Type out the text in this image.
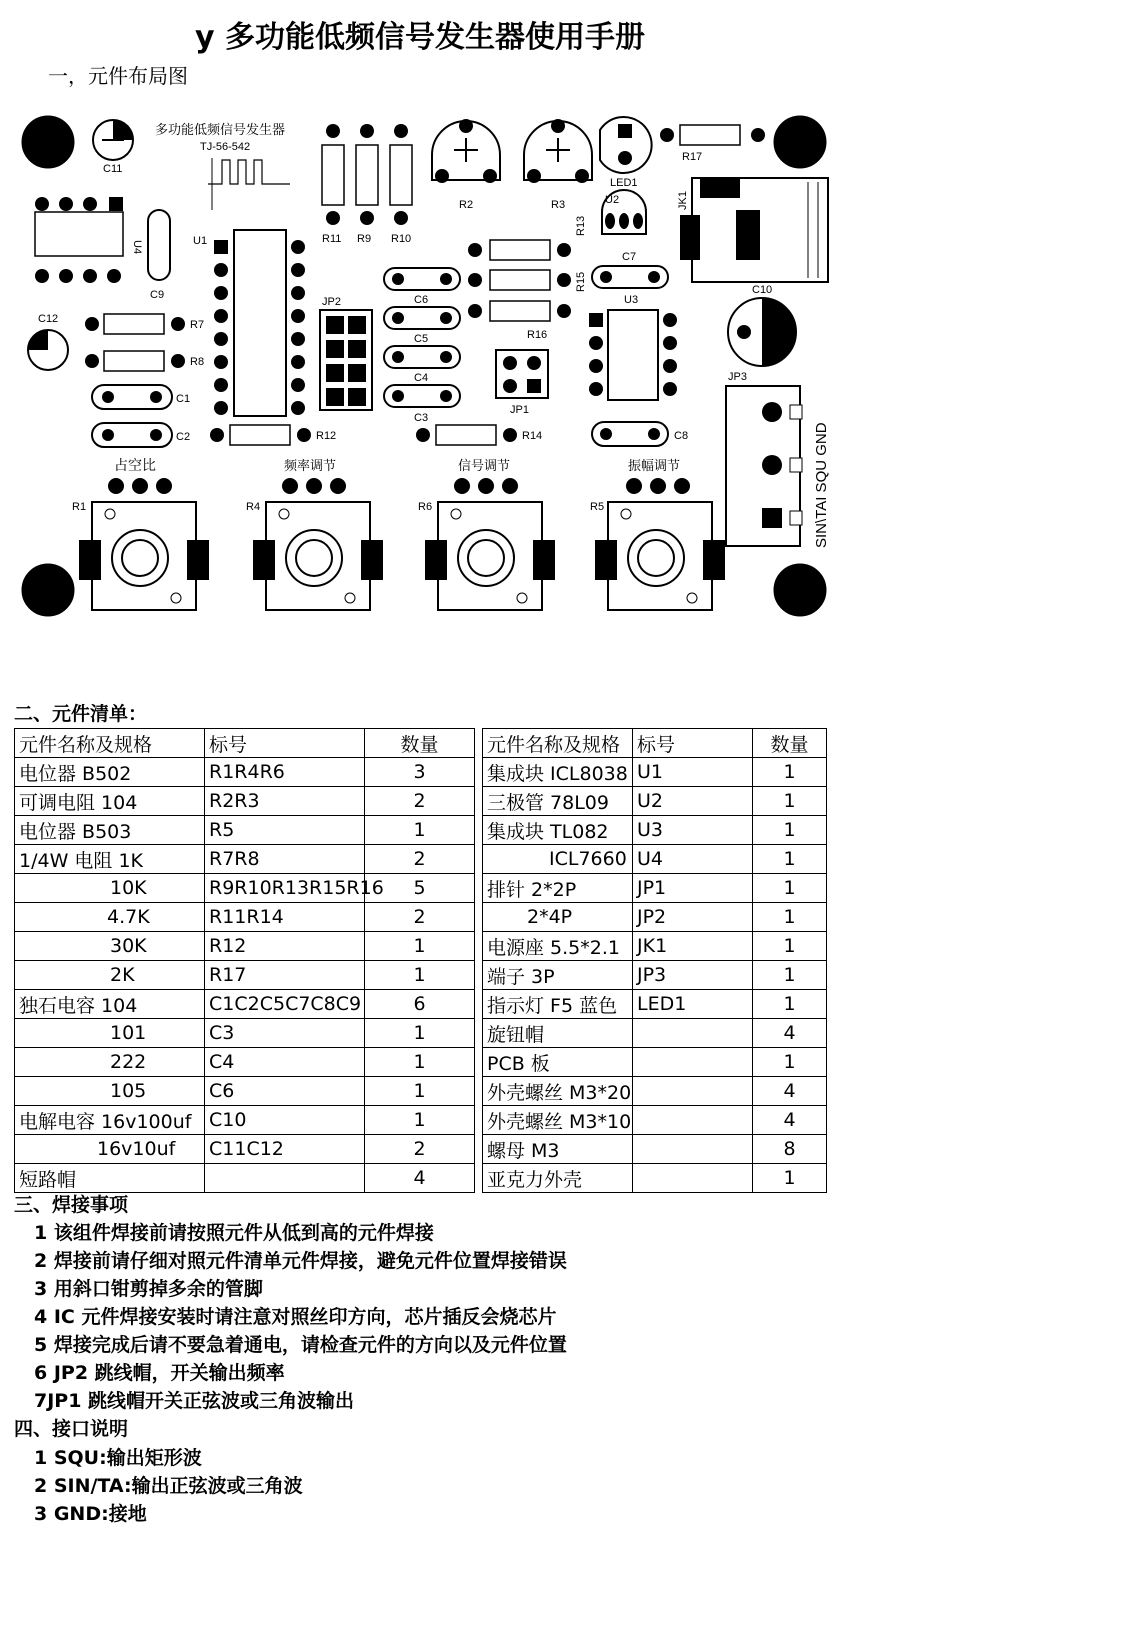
y 多功能低频信号发生器使用手册
一，元件布局图
多功能低频信号发生器
TJ-56-542
C11
U4
C9
U1
C12	R7
R8
C1
C2
R11 R9 R10
JP2	C6
C5
C4
C3
R12
R2	R3
R13
R15
R16
JP1
R14
LED1
R17
U2
C7
U3
C8
JK1
C10
JP3
SIN\TAI SQU GND
占空比	频率调节	信号调节	振幅调节
R1	R4	R6	R5
二、元件清单：
元件名称及规格	标号	数量
电位器 B502	R1R4R6	3
可调电阻 104	R2R3	2
电位器 B503	R5	1
1/4W 电阻 1K	R7R8	2
10K	R9R10R13R15R16	5
4.7K	R11R14	2
30K	R12	1
2K	R17	1
独石电容 104	C1C2C5C7C8C9	6
101	C3	1
222	C4	1
105	C6	1
电解电容 16v100uf	C10	1
16v10uf	C11C12	2
短路帽		4
元件名称及规格	标号	数量
集成块 ICL8038	U1	1
三极管 78L09	U2	1
集成块 TL082	U3	1
ICL7660	U4	1
排针 2*2P	JP1	1
2*4P	JP2	1
电源座 5.5*2.1	JK1	1
端子 3P	JP3	1
指示灯 F5 蓝色	LED1	1
旋钮帽		4
PCB 板		1
外壳螺丝 M3*20		4
外壳螺丝 M3*10		4
螺母 M3		8
亚克力外壳		1
三、焊接事项
1 该组件焊接前请按照元件从低到高的元件焊接
2 焊接前请仔细对照元件清单元件焊接，避免元件位置焊接错误
3 用斜口钳剪掉多余的管脚
4 IC 元件焊接安装时请注意对照丝印方向，芯片插反会烧芯片
5 焊接完成后请不要急着通电，请检查元件的方向以及元件位置
6 JP2 跳线帽，开关输出频率
7JP1 跳线帽开关正弦波或三角波输出
四、接口说明
1 SQU:输出矩形波
2 SIN/TA:输出正弦波或三角波
3 GND:接地
